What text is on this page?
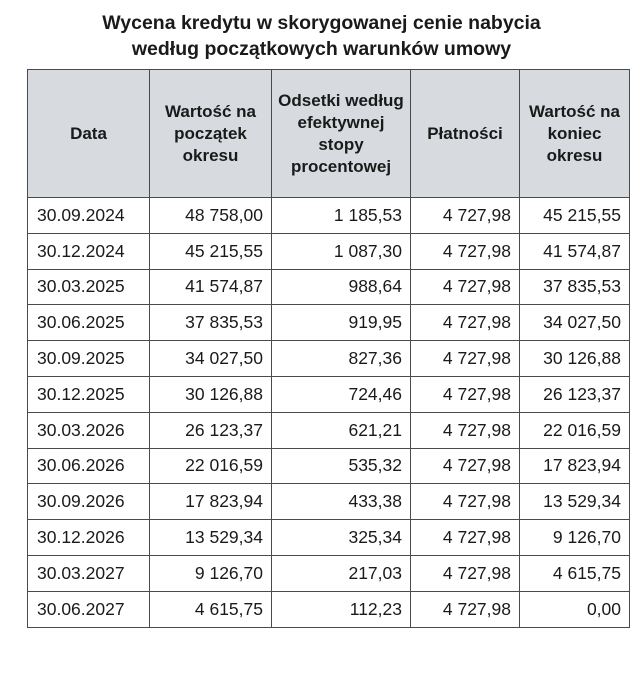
Wycena kredytu w skorygowanej cenie nabycia
według początkowych warunków umowy
Data	Wartość na początek okresu	Odsetki według efektywnej stopy procentowej	Płatności	Wartość na koniec okresu
30.09.2024	48 758,00	1 185,53	4 727,98	45 215,55
30.12.2024	45 215,55	1 087,30	4 727,98	41 574,87
30.03.2025	41 574,87	988,64	4 727,98	37 835,53
30.06.2025	37 835,53	919,95	4 727,98	34 027,50
30.09.2025	34 027,50	827,36	4 727,98	30 126,88
30.12.2025	30 126,88	724,46	4 727,98	26 123,37
30.03.2026	26 123,37	621,21	4 727,98	22 016,59
30.06.2026	22 016,59	535,32	4 727,98	17 823,94
30.09.2026	17 823,94	433,38	4 727,98	13 529,34
30.12.2026	13 529,34	325,34	4 727,98	9 126,70
30.03.2027	9 126,70	217,03	4 727,98	4 615,75
30.06.2027	4 615,75	112,23	4 727,98	0,00
